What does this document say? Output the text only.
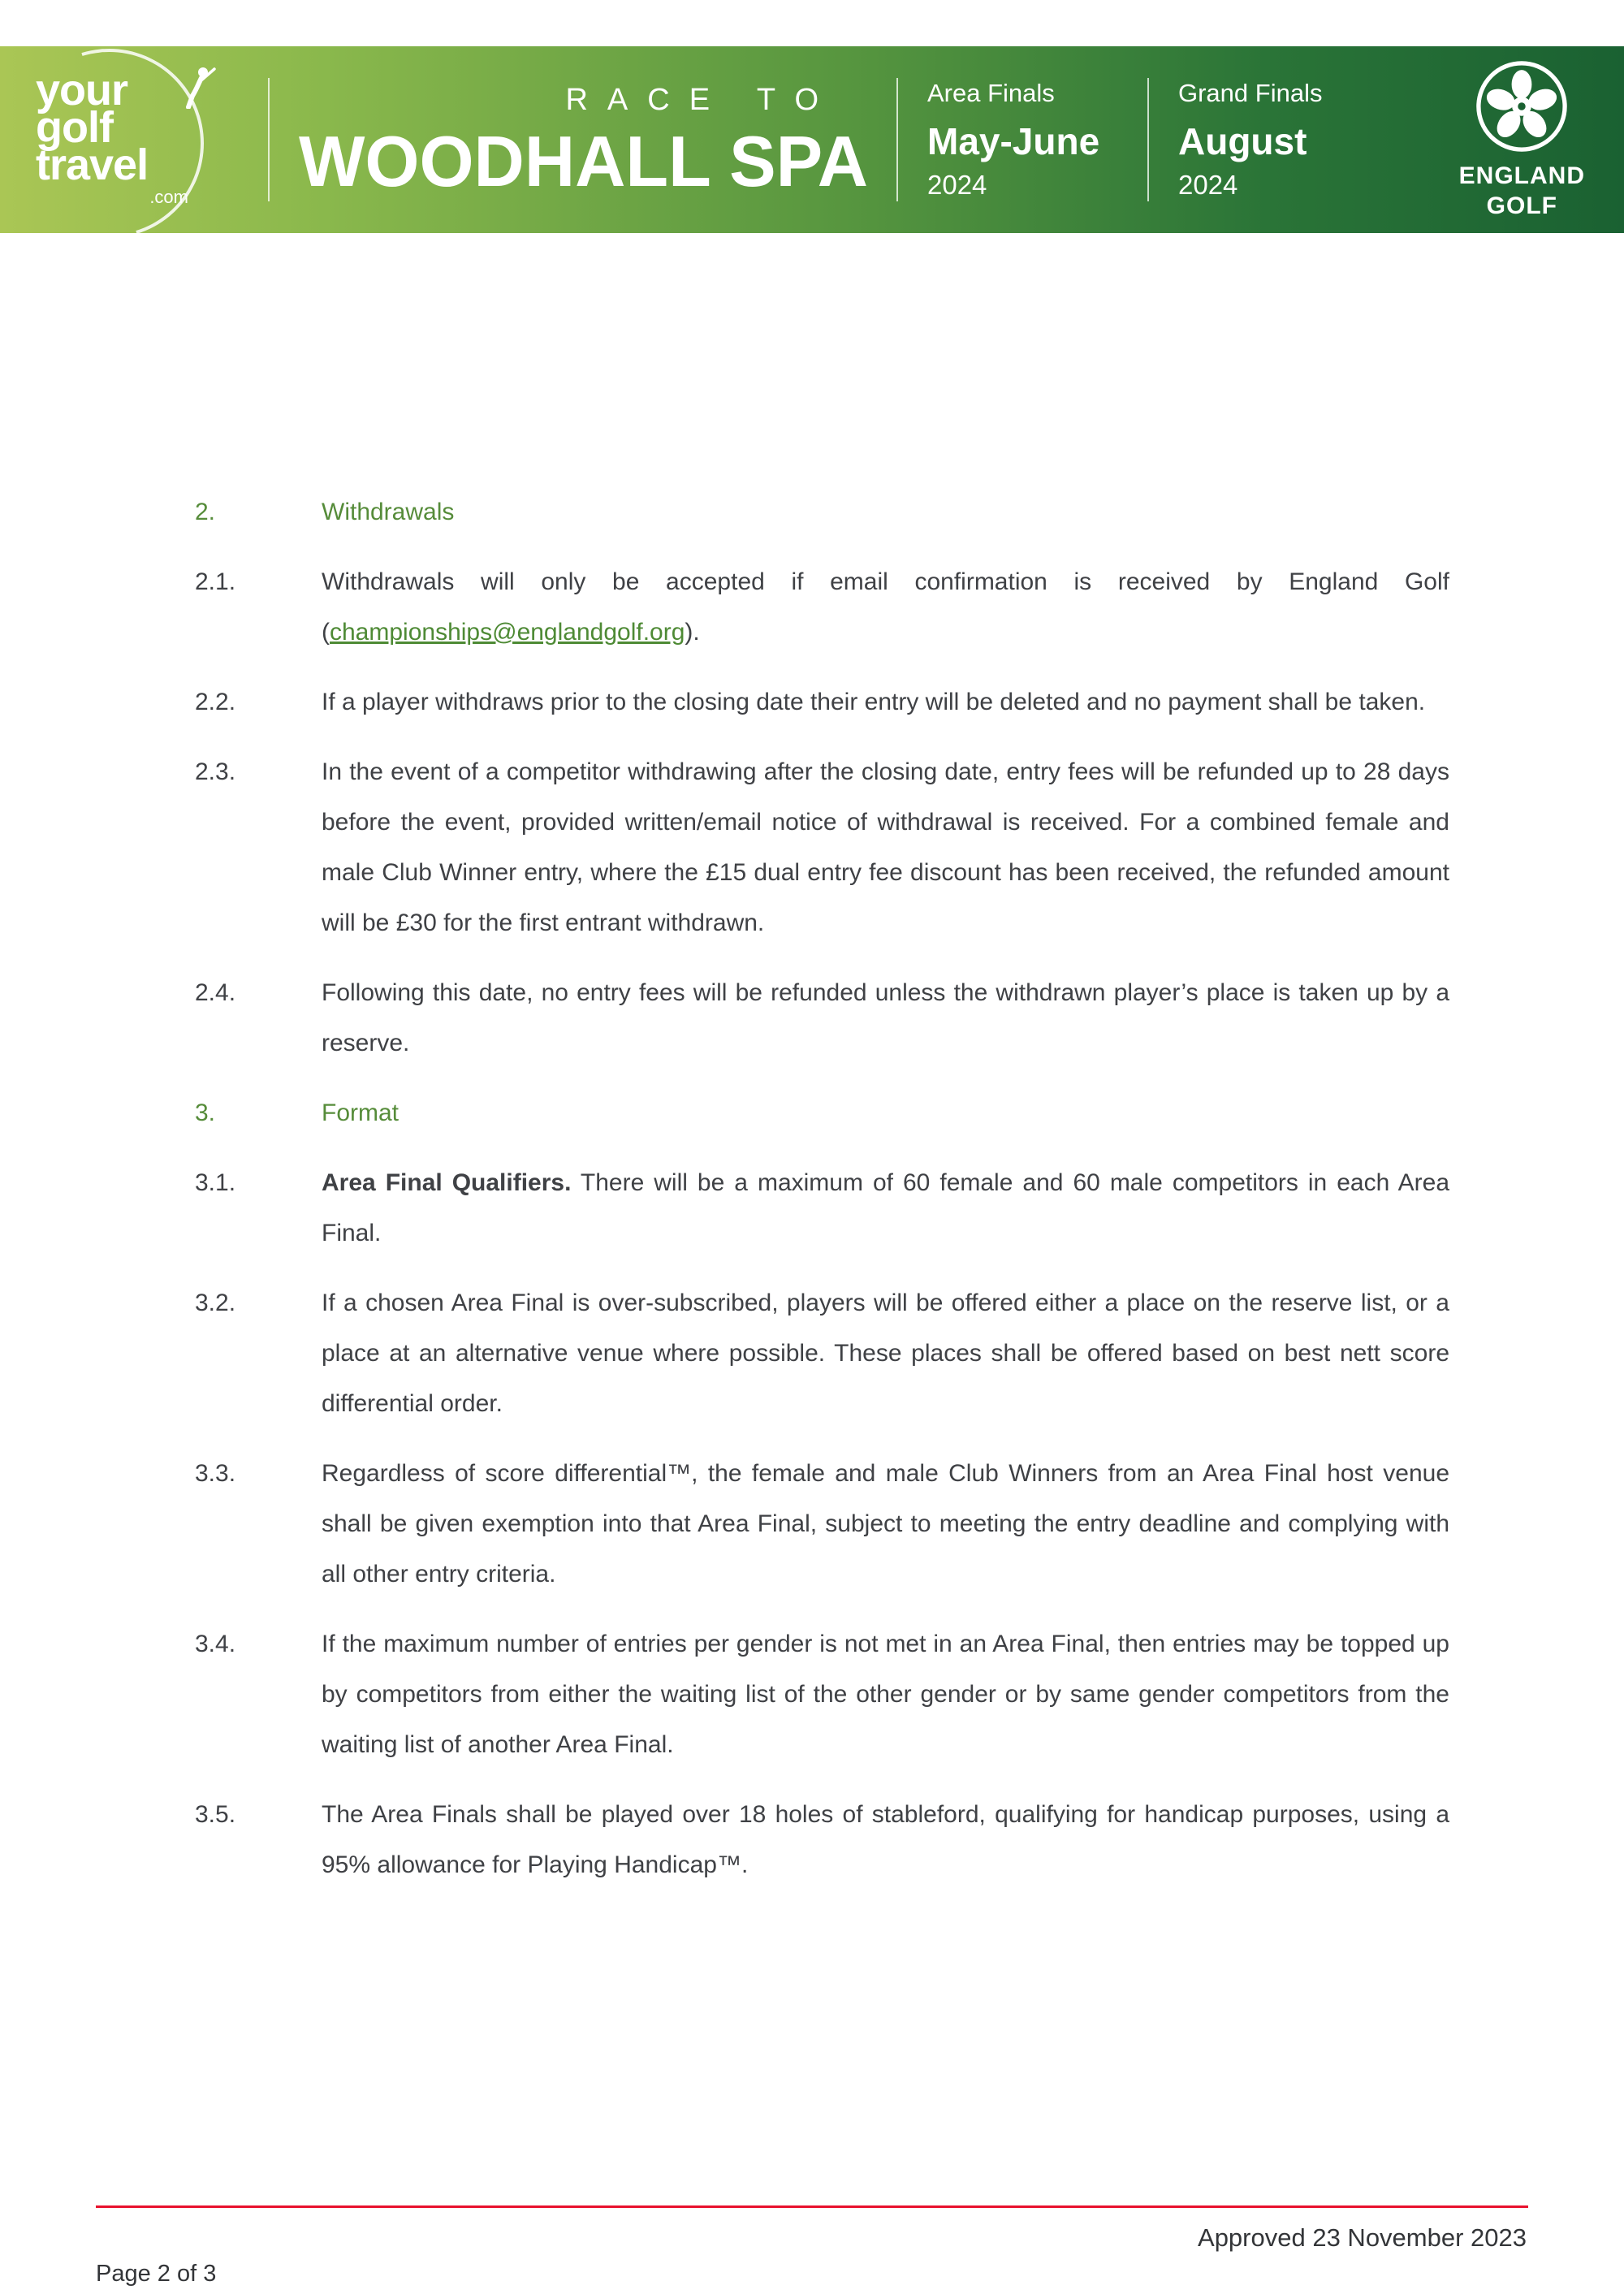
your
golf
travel
.com
RACE TO
WOODHALL SPA
Area Finals
May-June
2024
Grand Finals
August
2024	ENGLAND
GOLF
2.	Withdrawals
2.1.	Withdrawals will only be accepted if email confirmation is received by England Golf (championships@englandgolf.org).

2.2.	If a player withdraws prior to the closing date their entry will be deleted and no payment shall be taken.

2.3.	In the event of a competitor withdrawing after the closing date, entry fees will be refunded up to 28 days before the event, provided written/email notice of withdrawal is received. For a combined female and male Club Winner entry, where the £15 dual entry fee discount has been received, the refunded amount will be £30 for the first entrant withdrawn.

2.4.	Following this date, no entry fees will be refunded unless the withdrawn player’s place is taken up by a reserve.

3.	Format
3.1.	Area Final Qualifiers. There will be a maximum of 60 female and 60 male competitors in each Area Final.

3.2.	If a chosen Area Final is over-subscribed, players will be offered either a place on the reserve list, or a place at an alternative venue where possible. These places shall be offered based on best nett score differential order.

3.3.	Regardless of score differential™, the female and male Club Winners from an Area Final host venue shall be given exemption into that Area Final, subject to meeting the entry deadline and complying with all other entry criteria.

3.4.	If the maximum number of entries per gender is not met in an Area Final, then entries may be topped up by competitors from either the waiting list of the other gender or by same gender competitors from the waiting list of another Area Final.

3.5.	The Area Finals shall be played over 18 holes of stableford, qualifying for handicap purposes, using a 95% allowance for Playing Handicap™.

Approved 23 November 2023
Page 2 of 3
